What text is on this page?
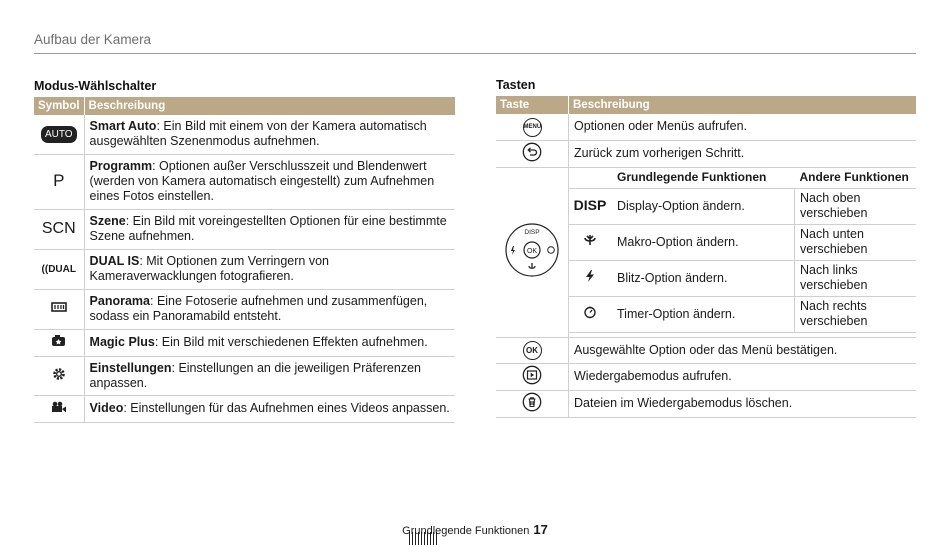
Aufbau der Kamera
Modus-Wählschalter
Symbol	Beschreibung
AUTO	Smart Auto: Ein Bild mit einem von der Kamera automatisch ausgewählten Szenenmodus aufnehmen.
P	Programm: Optionen außer Verschlusszeit und Blendenwert (werden von Kamera automatisch eingestellt) zum Aufnehmen eines Fotos einstellen.
SCN	Szene: Ein Bild mit voreingestellten Optionen für eine bestimmte Szene aufnehmen.
((DUAL	DUAL IS: Mit Optionen zum Verringern von Kameraverwacklungen fotografieren.
	Panorama: Eine Fotoserie aufnehmen und zusammenfügen, sodass ein Panoramabild entsteht.
	Magic Plus: Ein Bild mit verschiedenen Effekten aufnehmen.
	Einstellungen: Einstellungen an die jeweiligen Präferenzen anpassen.
	Video: Einstellungen für das Aufnehmen eines Videos anpassen.
Tasten
Taste	Beschreibung
MENU	Optionen oder Menüs aufrufen.
	Zurück zum vorherigen Schritt.

OK
DISP

	Grundlegende Funktionen	Andere Funktionen
DISP	Display-Option ändern.	Nach oben verschieben
	Makro-Option ändern.	Nach unten verschieben
	Blitz-Option ändern.	Nach links verschieben
	Timer-Option ändern.	Nach rechts verschieben

OK	Ausgewählte Option oder das Menü bestätigen.
	Wiedergabemodus aufrufen.
	Dateien im Wiedergabemodus löschen.
Grundlegende Funktionen 17
